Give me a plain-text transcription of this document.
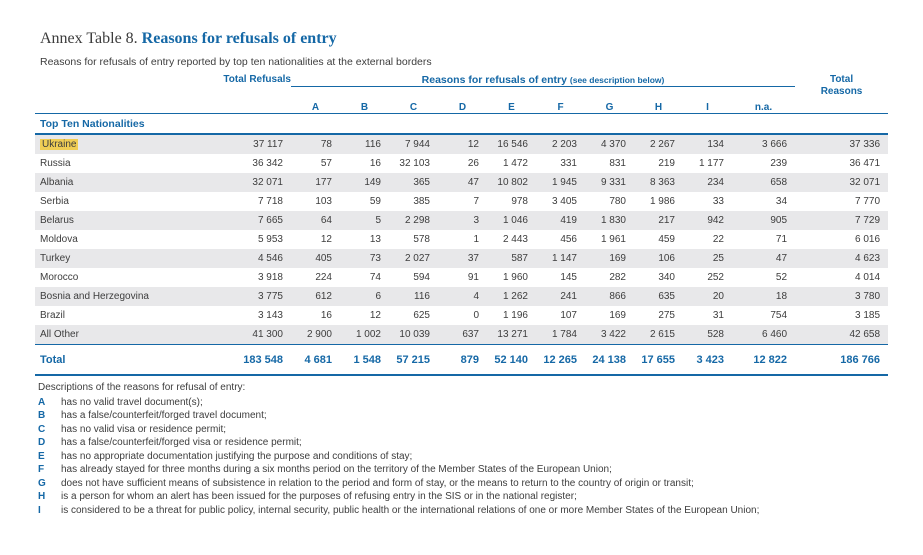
Annex Table 8. Reasons for refusals of entry
Reasons for refusals of entry reported by top ten nationalities at the external borders
	Total Refusals	Reasons for refusals of entry (see description below)										Total
Reasons

		A	B	C	D	E	F	G	H	I	n.a.	
Top Ten Nationalities												
Ukraine	37 117	78	116	7 944	12	16 546	2 203	4 370	2 267	134	3 666	37 336
Russia	36 342	57	16	32 103	26	1 472	331	831	219	1 177	239	36 471
Albania	32 071	177	149	365	47	10 802	1 945	9 331	8 363	234	658	32 071
Serbia	7 718	103	59	385	7	978	3 405	780	1 986	33	34	7 770
Belarus	7 665	64	5	2 298	3	1 046	419	1 830	217	942	905	7 729
Moldova	5 953	12	13	578	1	2 443	456	1 961	459	22	71	6 016
Turkey	4 546	405	73	2 027	37	587	1 147	169	106	25	47	4 623
Morocco	3 918	224	74	594	91	1 960	145	282	340	252	52	4 014
Bosnia and Herzegovina	3 775	612	6	116	4	1 262	241	866	635	20	18	3 780
Brazil	3 143	16	12	625	0	1 196	107	169	275	31	754	3 185
All Other	41 300	2 900	1 002	10 039	637	13 271	1 784	3 422	2 615	528	6 460	42 658
Total	183 548	4 681	1 548	57 215	879	52 140	12 265	24 138	17 655	3 423	12 822	186 766
Descriptions of the reasons for refusal of entry:
A	has no valid travel document(s);
B	has a false/counterfeit/forged travel document;
C	has no valid visa or residence permit;
D	has a false/counterfeit/forged visa or residence permit;
E	has no appropriate documentation justifying the purpose and conditions of stay;
F	has already stayed for three months during a six months period on the territory of the Member States of the European Union;
G	does not have sufficient means of subsistence in relation to the period and form of stay, or the means to return to the country of origin or transit;
H	is a person for whom an alert has been issued for the purposes of refusing entry in the SIS or in the national register;
I	is considered to be a threat for public policy, internal security, public health or the international relations of one or more Member States of the European Union;
